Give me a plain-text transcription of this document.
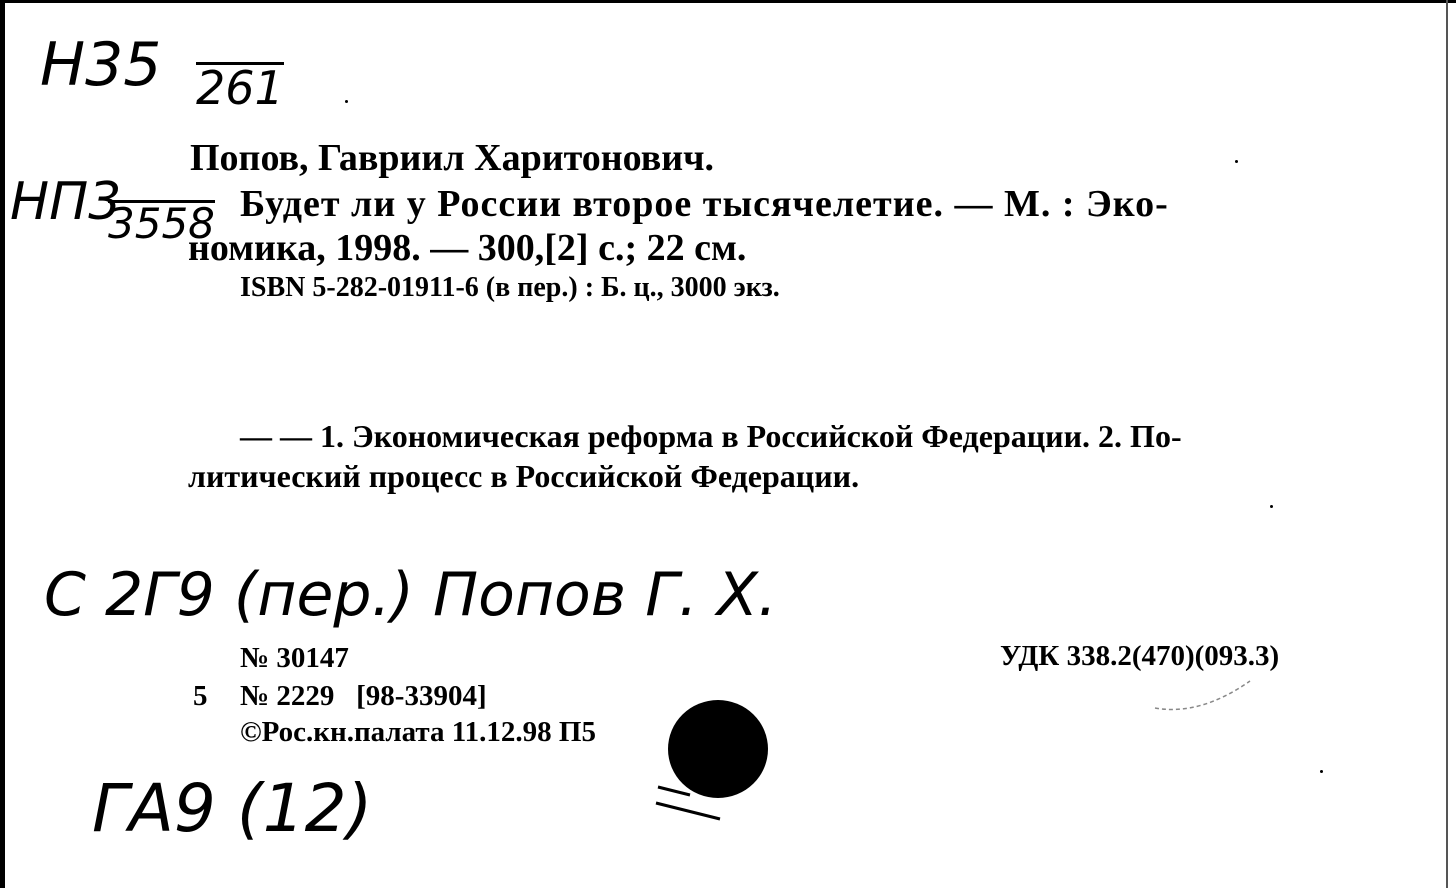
Н35 261
НП3
3558
Попов, Гавриил Харитонович.
Будет ли у России второе тысячелетие. — М. : Эко-
номика, 1998. — 300,[2] с.; 22 см.
ISBN 5-282-01911-6 (в пер.) : Б. ц., 3000 экз.
— — 1. Экономическая реформа в Российской Федерации. 2. По-
литический процесс в Российской Федерации.
С 2Г9 (пер.) Попов Г. Х.
№ 30147
5 № 2229   [98-33904]
©Рос.кн.палата 11.12.98 П5
УДК 338.2(470)(093.3)
ГА9 (12)
